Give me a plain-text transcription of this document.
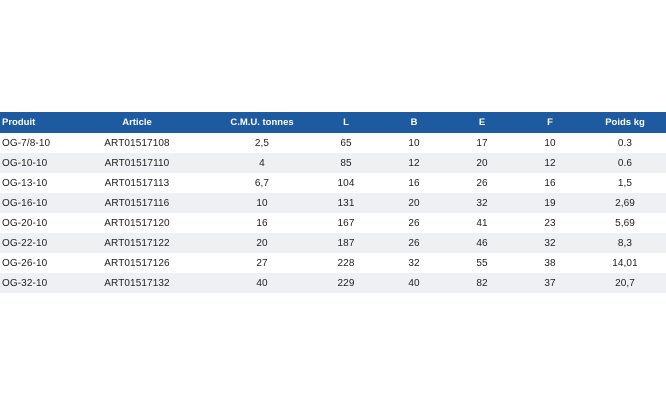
Produit	Article	C.M.U. tonnes	L	B	E	F	Poids kg
OG-7/8-10	ART01517108	2,5	65	10	17	10	0.3
OG-10-10	ART01517110	4	85	12	20	12	0.6
OG-13-10	ART01517113	6,7	104	16	26	16	1,5
OG-16-10	ART01517116	10	131	20	32	19	2,69
OG-20-10	ART01517120	16	167	26	41	23	5,69
OG-22-10	ART01517122	20	187	26	46	32	8,3
OG-26-10	ART01517126	27	228	32	55	38	14,01
OG-32-10	ART01517132	40	229	40	82	37	20,7
